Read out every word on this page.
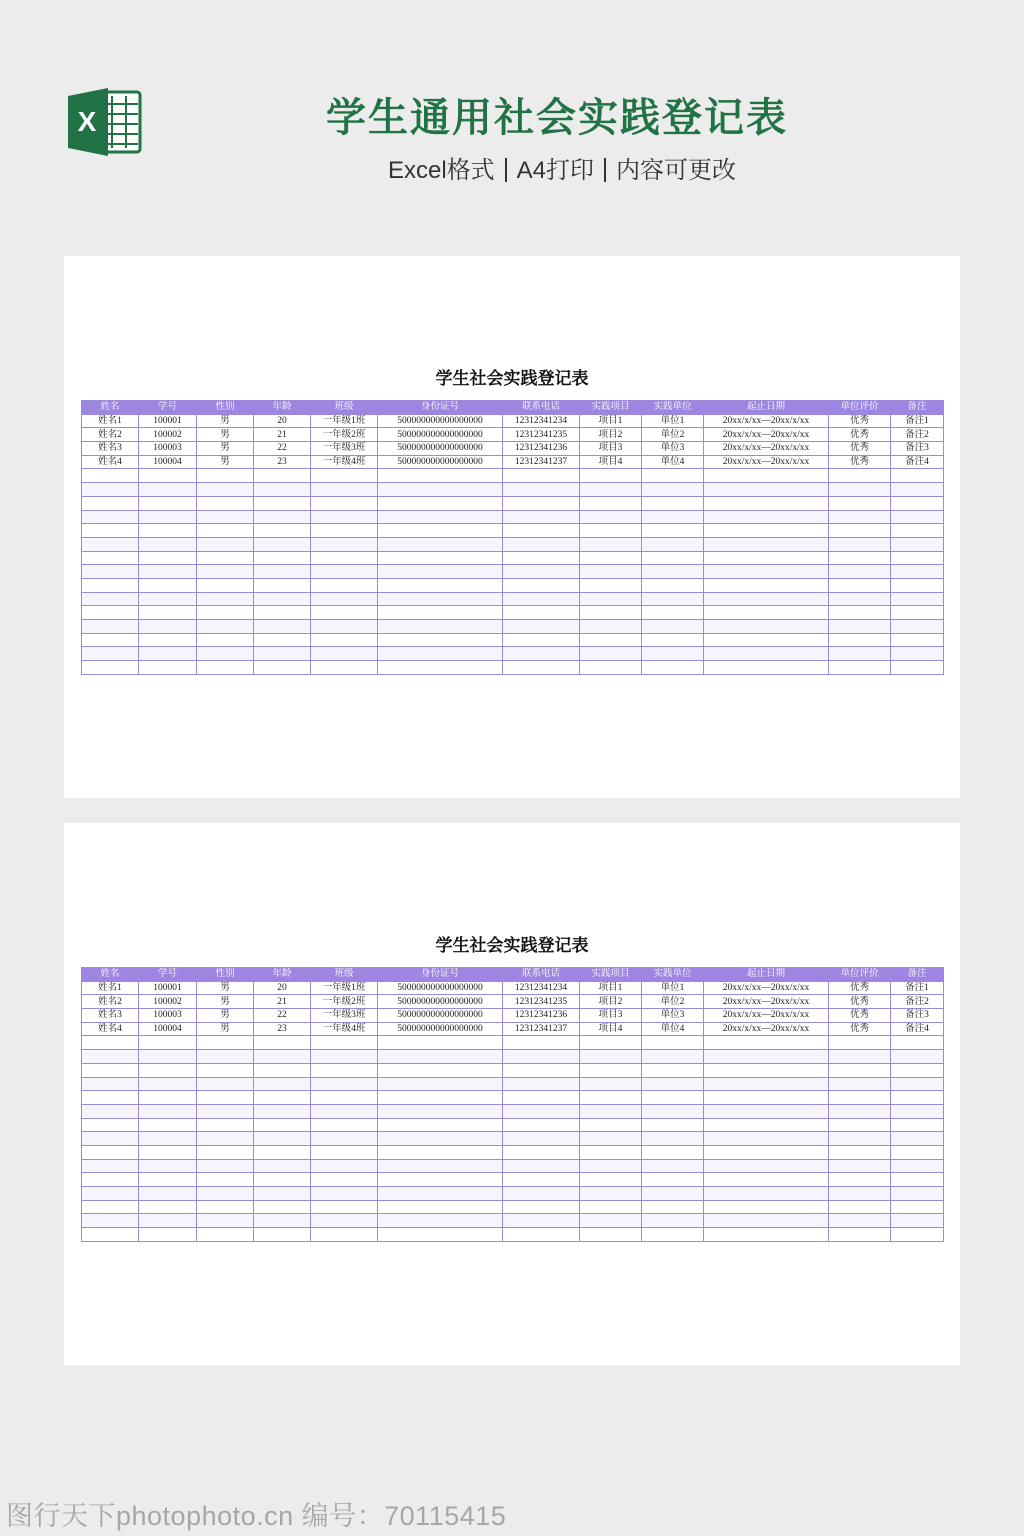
X	学生通用社会实践登记表
Excel格式 A4打印 内容可更改
学生社会实践登记表
姓名	学号	性别	年龄	班级	身份证号	联系电话	实践项目	实践单位	起止日期	单位评价	备注
姓名1	100001	男	20	一年级1班	500000000000000000	12312341234	项目1	单位1	20xx/x/xx—20xx/x/xx	优秀	备注1
姓名2	100002	男	21	一年级2班	500000000000000000	12312341235	项目2	单位2	20xx/x/xx—20xx/x/xx	优秀	备注2
姓名3	100003	男	22	一年级3班	500000000000000000	12312341236	项目3	单位3	20xx/x/xx—20xx/x/xx	优秀	备注3
姓名4	100004	男	23	一年级4班	500000000000000000	12312341237	项目4	单位4	20xx/x/xx—20xx/x/xx	优秀	备注4

学生社会实践登记表
姓名	学号	性别	年龄	班级	身份证号	联系电话	实践项目	实践单位	起止日期	单位评价	备注
姓名1	100001	男	20	一年级1班	500000000000000000	12312341234	项目1	单位1	20xx/x/xx—20xx/x/xx	优秀	备注1
姓名2	100002	男	21	一年级2班	500000000000000000	12312341235	项目2	单位2	20xx/x/xx—20xx/x/xx	优秀	备注2
姓名3	100003	男	22	一年级3班	500000000000000000	12312341236	项目3	单位3	20xx/x/xx—20xx/x/xx	优秀	备注3
姓名4	100004	男	23	一年级4班	500000000000000000	12312341237	项目4	单位4	20xx/x/xx—20xx/x/xx	优秀	备注4

图行天下photophoto.cn 编号：70115415
